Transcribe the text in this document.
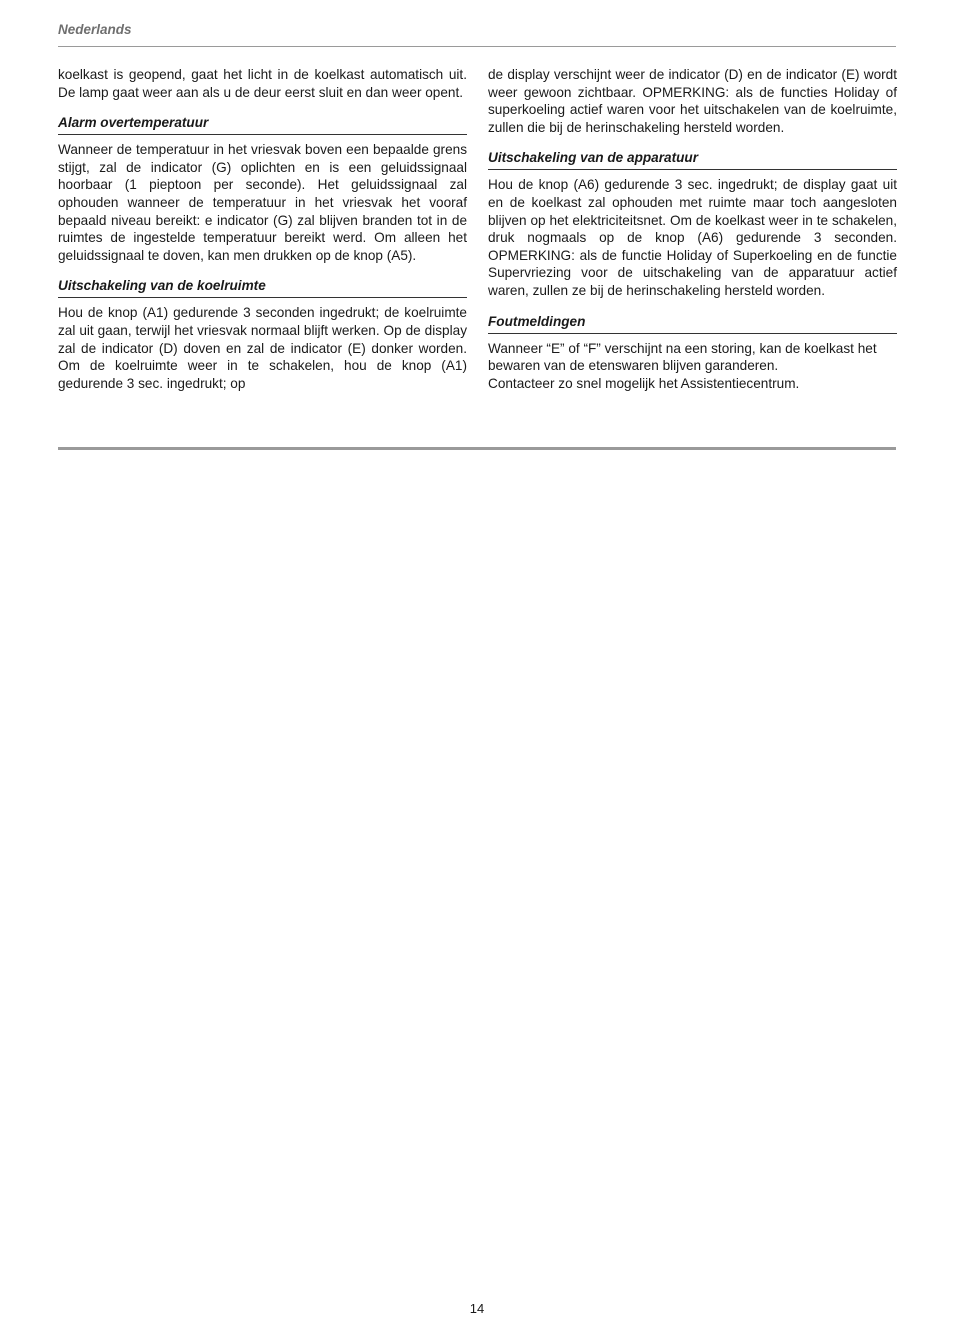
Nederlands

koelkast is geopend, gaat het licht in de koelkast automatisch uit. De lamp gaat weer aan als u de deur eerst sluit en dan weer opent.

Alarm overtemperatuur

Wanneer de temperatuur in het vriesvak boven een bepaalde grens stijgt, zal de indicator (G) oplichten en is een geluidssignaal hoorbaar (1 pieptoon per seconde). Het geluidssignaal zal ophouden wanneer de temperatuur in het vriesvak het vooraf bepaald niveau bereikt: e indicator (G) zal blijven branden tot in de ruimtes de ingestelde temperatuur bereikt werd. Om alleen het geluidssignaal te doven, kan men drukken op de knop (A5).

Uitschakeling van de koelruimte

Hou de knop (A1) gedurende 3 seconden ingedrukt; de koelruimte zal uit gaan, terwijl het vriesvak normaal blijft werken. Op de display zal de indicator (D) doven en zal de indicator (E) donker worden. Om de koelruimte weer in te schakelen, hou de knop (A1) gedurende 3 sec. ingedrukt; op

de display verschijnt weer de indicator (D) en de indicator (E) wordt weer gewoon zichtbaar. OPMERKING: als de functies Holiday of superkoeling actief waren voor het uitschakelen van de koelruimte, zullen die bij de herinschakeling hersteld worden.

Uitschakeling van de apparatuur

Hou de knop (A6) gedurende 3 sec. ingedrukt; de display gaat uit en de koelkast zal ophouden met ruimte maar toch aangesloten blijven op het elektriciteitsnet. Om de koelkast weer in te schakelen, druk nogmaals op de knop (A6) gedurende 3 seconden. OPMERKING: als de functie Holiday of Superkoeling en de functie Supervriezing voor de uitschakeling van de apparatuur actief waren, zullen ze bij de herinschakeling hersteld worden.

Foutmeldingen

Wanneer “E” of “F” verschijnt na een storing, kan de koelkast het bewaren van de etenswaren blijven garanderen.

Contacteer zo snel mogelijk het Assistentiecentrum.

14
